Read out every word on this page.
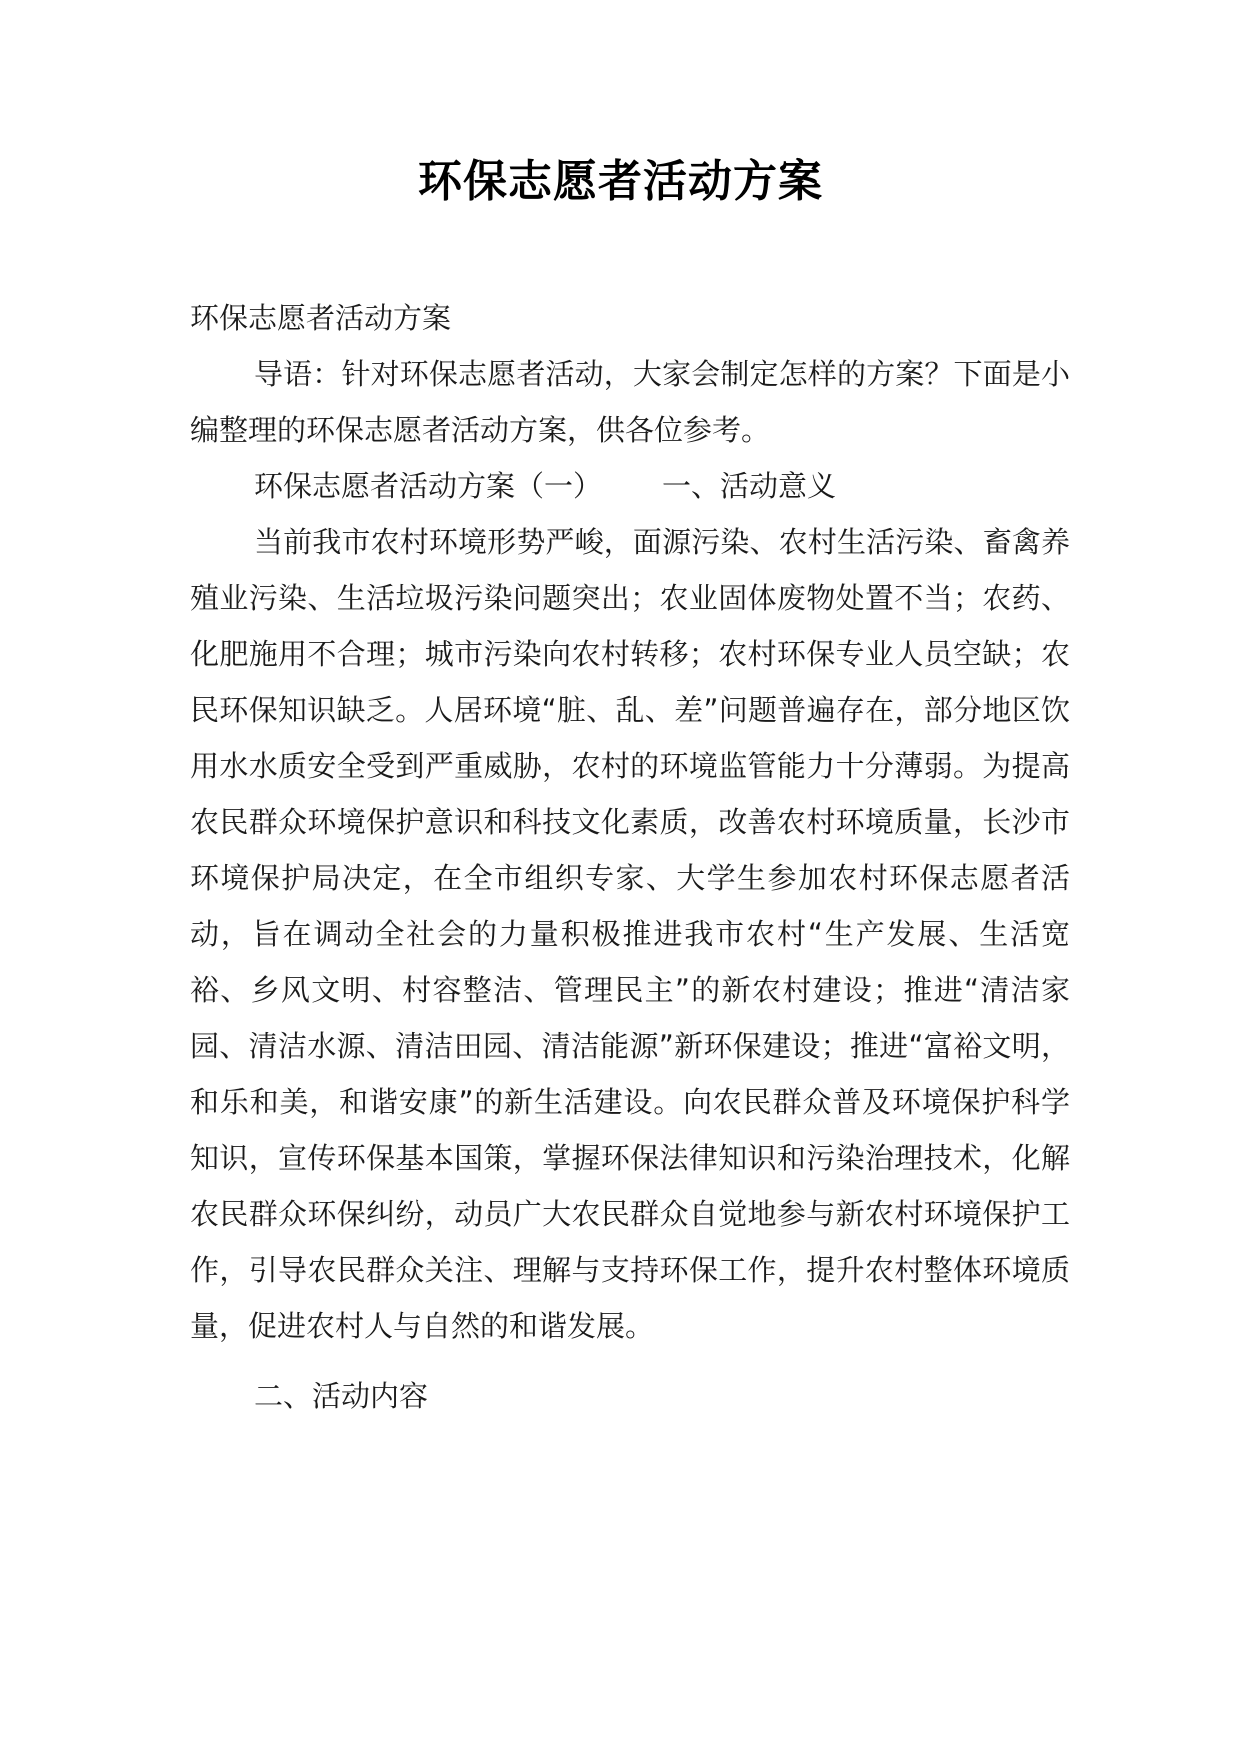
环保志愿者活动方案

环保志愿者活动方案

导语：针对环保志愿者活动，大家会制定怎样的方案？下面是小编整理的环保志愿者活动方案，供各位参考。

环保志愿者活动方案（一） 一、活动意义

当前我市农村环境形势严峻，面源污染、农村生活污染、畜禽养殖业污染、生活垃圾污染问题突出；农业固体废物处置不当；农药、化肥施用不合理；城市污染向农村转移；农村环保专业人员空缺；农民环保知识缺乏。人居环境“脏、乱、差”问题普遍存在，部分地区饮用水水质安全受到严重威胁，农村的环境监管能力十分薄弱。为提高农民群众环境保护意识和科技文化素质，改善农村环境质量，长沙市环境保护局决定，在全市组织专家、大学生参加农村环保志愿者活动，旨在调动全社会的力量积极推进我市农村“生产发展、生活宽裕、乡风文明、村容整洁、管理民主”的新农村建设；推进“清洁家园、清洁水源、清洁田园、清洁能源”新环保建设；推进“富裕文明，和乐和美，和谐安康”的新生活建设。向农民群众普及环境保护科学知识，宣传环保基本国策，掌握环保法律知识和污染治理技术，化解农民群众环保纠纷，动员广大农民群众自觉地参与新农村环境保护工作，引导农民群众关注、理解与支持环保工作，提升农村整体环境质量，促进农村人与自然的和谐发展。

二、活动内容
